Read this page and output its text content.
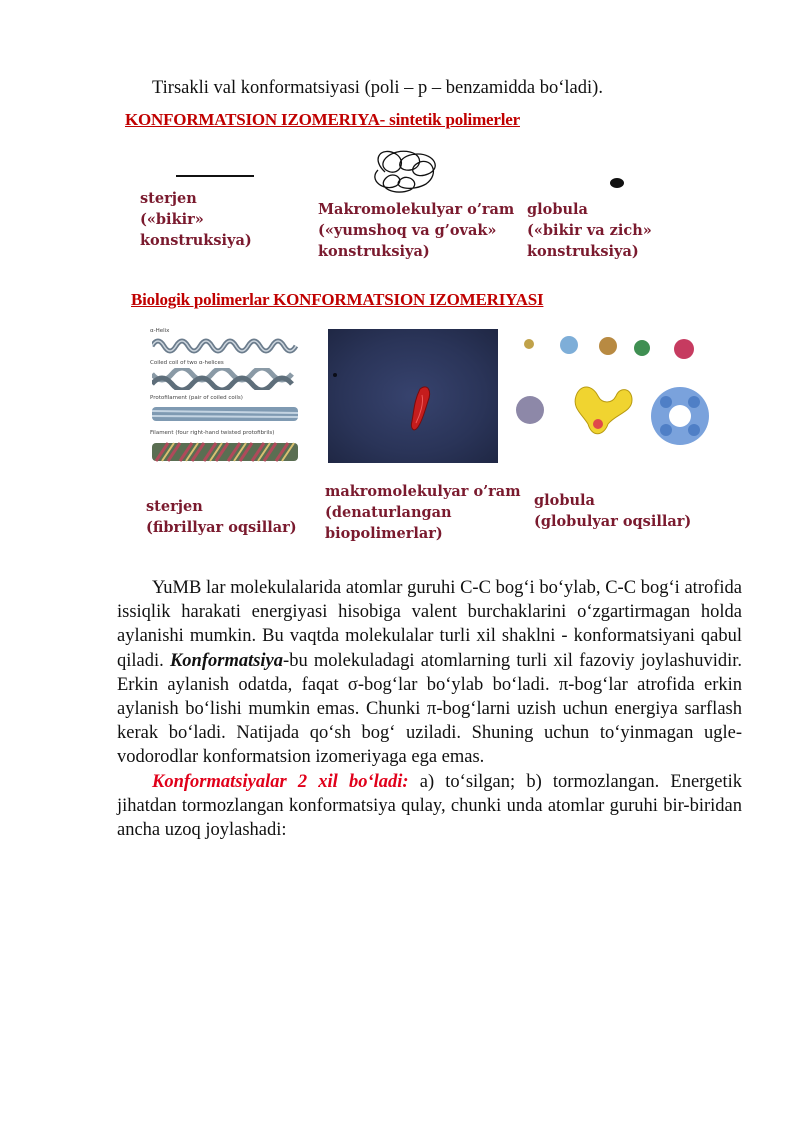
Tirsakli val konformatsiyasi (poli – p – benzamidda bo‘ladi).
KONFORMATSION IZOMERIYA- sintetik polimerler
sterjen
(«bikir»
konstruksiya)
Makromolekulyar o’ram
(«yumshoq va g’ovak»
konstruksiya)
globula
(«bikir va zich»
konstruksiya)
Biologik polimerlar KONFORMATSION IZOMERIYASI
α-Helix
Coiled coil of two α-helices
Protofilament (pair of coiled coils)
Filament (four right-hand twisted protofibrils)
sterjen
(fibrillyar oqsillar)
makromolekulyar o’ram
(denaturlangan
biopolimerlar)
globula
(globulyar oqsillar)

YuMB lar molekulalarida atomlar guruhi C-C bog‘i bo‘ylab, C-C bog‘i atrofida issiqlik harakati energiyasi hisobiga valent burchaklarini o‘zgartirmagan holda aylanishi mumkin. Bu vaqtda molekulalar turli xil shaklni - konformatsiyani qabul qiladi. Konformatsiya-bu molekuladagi atomlarning turli xil fazoviy joylashuvidir. Erkin aylanish odatda, faqat σ-bog‘lar bo‘ylab bo‘ladi. π-bog‘lar atrofida erkin aylanish bo‘lishi mumkin emas. Chunki π-bog‘larni uzish uchun energiya sarflash kerak bo‘ladi. Natijada qo‘sh bog‘ uziladi. Shuning uchun to‘yinmagan ugle-vodorodlar konformatsion izomeriyaga ega emas.

Konformatsiyalar 2 xil bo‘ladi: a) to‘silgan; b) tormozlangan. Energetik jihatdan tormozlangan konformatsiya qulay, chunki unda atomlar guruhi bir-biridan ancha uzoq joylashadi:
